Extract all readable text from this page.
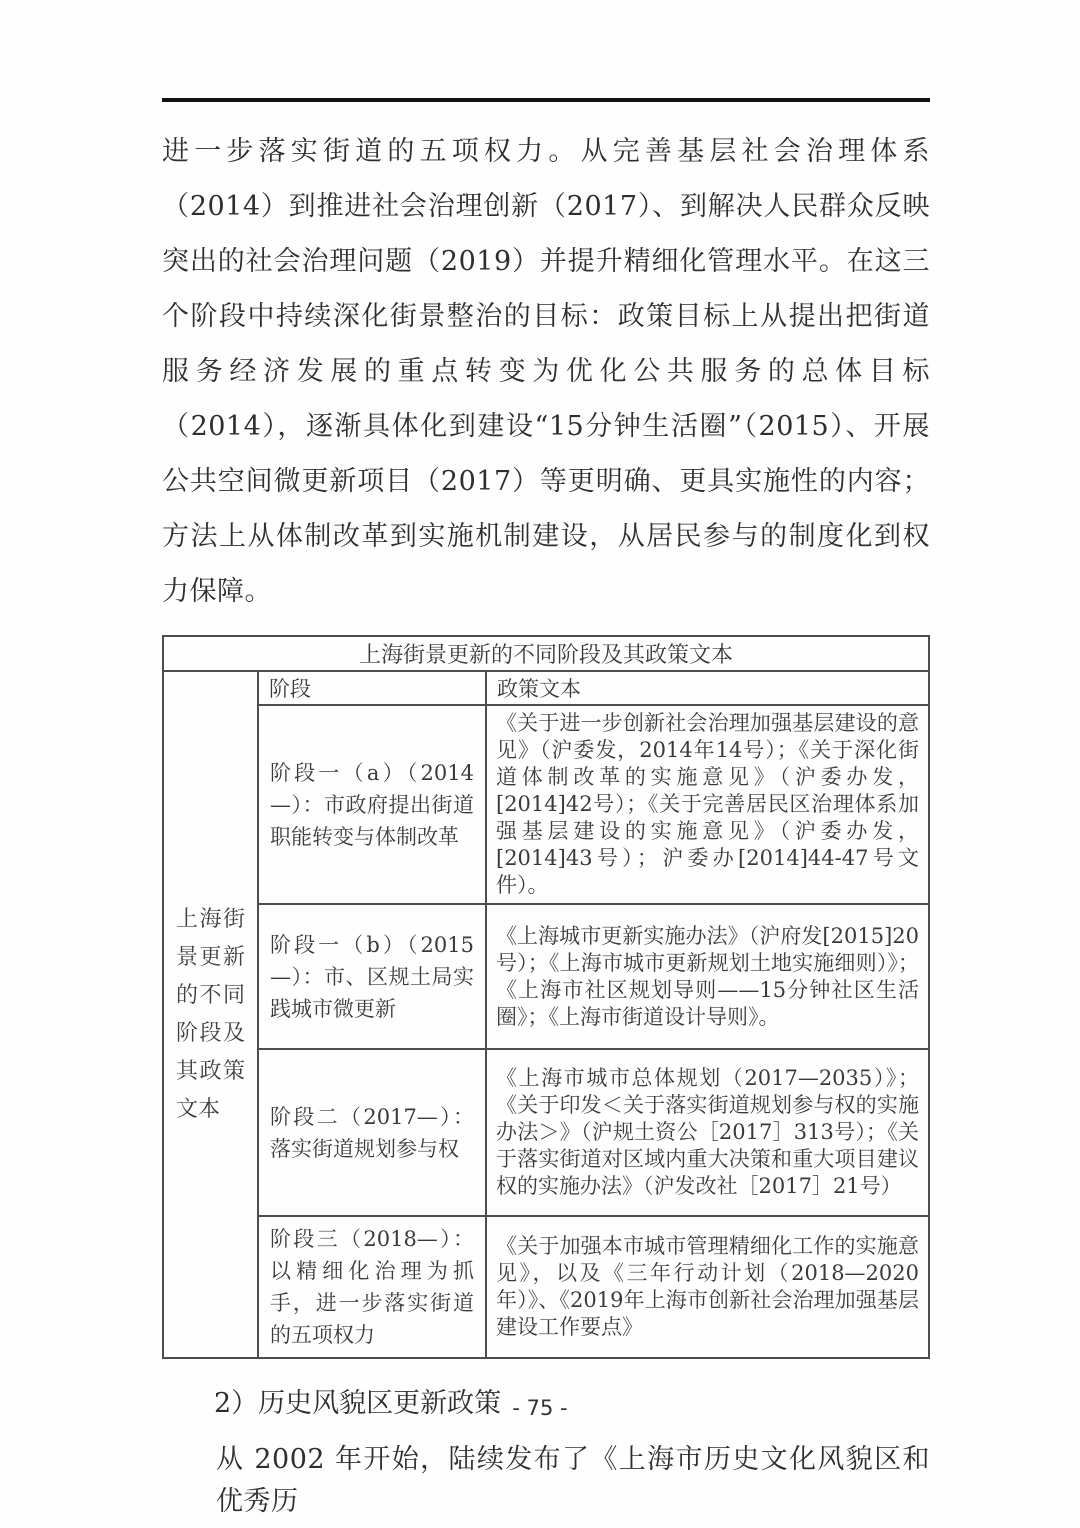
进一步落实街道的五项权力。从完善基层社会治理体系（2014）到推进社会治理创新（2017）、到解决人民群众反映突出的社会治理问题（2019）并提升精细化管理水平。在这三个阶段中持续深化街景整治的目标：政策目标上从提出把街道服务经济发展的重点转变为优化公共服务的总体目标（2014），逐渐具体化到建设“15分钟生活圈”（2015）、开展公共空间微更新项目（2017）等更明确、更具实施性的内容；方法上从体制改革到实施机制建设，从居民参与的制度化到权力保障。
上海街景更新的不同阶段及其政策文本		
上海街景更新的不同阶段及其政策文本	阶段	政策文本
	阶段一（a）（2014—）：市政府提出街道职能转变与体制改革	《关于进一步创新社会治理加强基层建设的意见》（沪委发，2014年14号）；《关于深化街道体制改革的实施意见》（沪委办发，[2014]42号）；《关于完善居民区治理体系加强基层建设的实施意见》（沪委办发，[2014]43号）；沪委办[2014]44-47号文件）。
	阶段一（b）（2015—）：市、区规土局实践城市微更新	《上海城市更新实施办法》（沪府发[2015]20号）；《上海市城市更新规划土地实施细则）》；《上海市社区规划导则——15分钟社区生活圈》；《上海市街道设计导则》。
	阶段二（2017—）：落实街道规划参与权	《上海市城市总体规划（2017—2035）》；《关于印发＜关于落实街道规划参与权的实施办法＞》（沪规土资公［2017］313号）；《关于落实街道对区域内重大决策和重大项目建议权的实施办法》（沪发改社［2017］21号）
	阶段三（2018—）：以精细化治理为抓手，进一步落实街道的五项权力	《关于加强本市城市管理精细化工作的实施意见》，以及《三年行动计划（2018—2020年）》、《2019年上海市创新社会治理加强基层建设工作要点》
2）历史风貌区更新政策
从 2002 年开始，陆续发布了《上海市历史文化风貌区和优秀历
- 75 -
